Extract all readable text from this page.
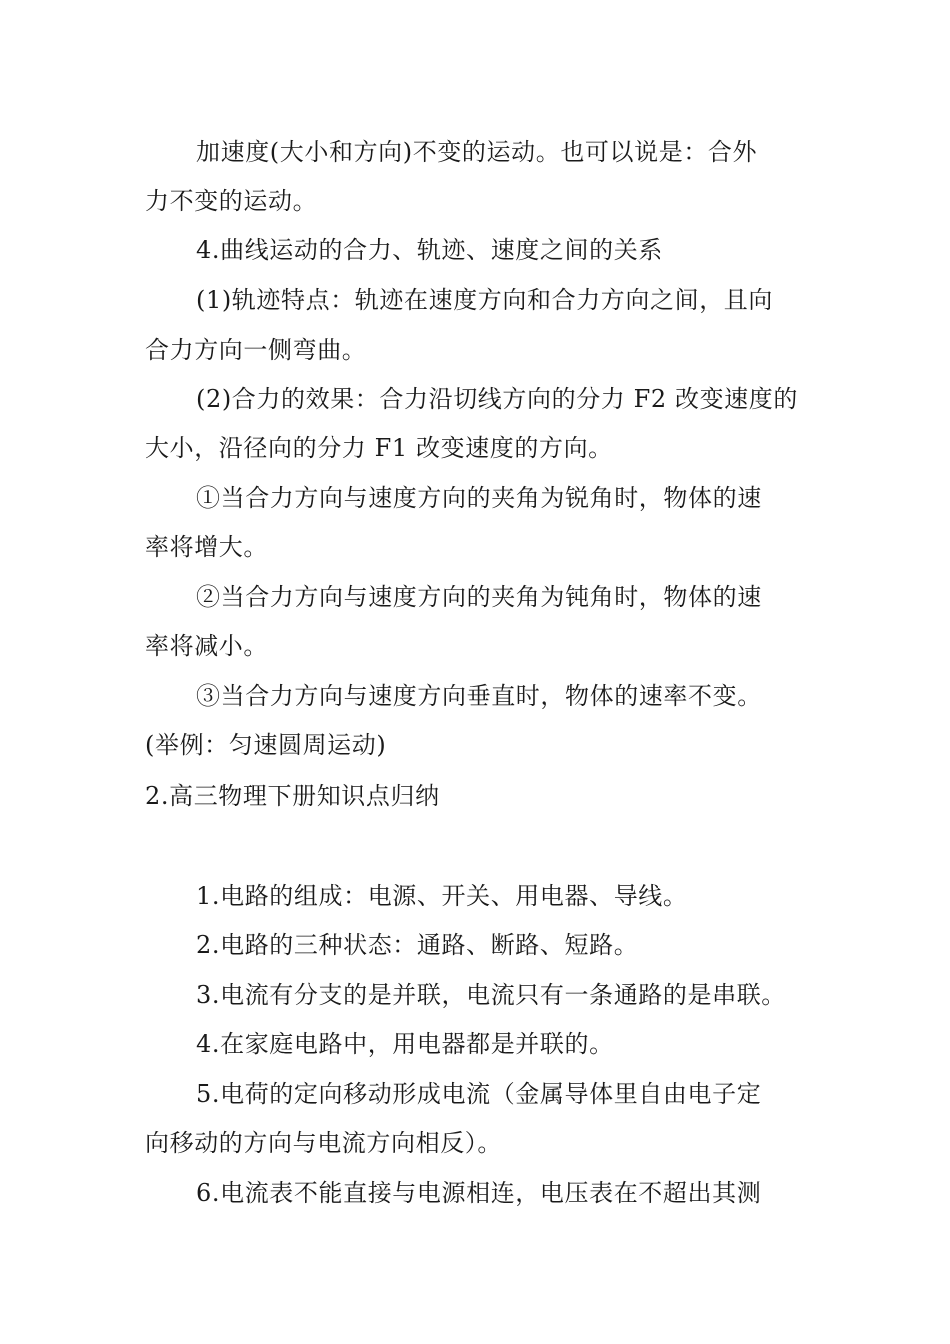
加速度(大小和方向)不变的运动。也可以说是：合外
力不变的运动。
4.曲线运动的合力、轨迹、速度之间的关系
(1)轨迹特点：轨迹在速度方向和合力方向之间，且向
合力方向一侧弯曲。
(2)合力的效果：合力沿切线方向的分力 F2 改变速度的
大小，沿径向的分力 F1 改变速度的方向。
①当合力方向与速度方向的夹角为锐角时，物体的速
率将增大。
②当合力方向与速度方向的夹角为钝角时，物体的速
率将减小。
③当合力方向与速度方向垂直时，物体的速率不变。
(举例：匀速圆周运动)
2.高三物理下册知识点归纳
1.电路的组成：电源、开关、用电器、导线。
2.电路的三种状态：通路、断路、短路。
3.电流有分支的是并联，电流只有一条通路的是串联。
4.在家庭电路中，用电器都是并联的。
5.电荷的定向移动形成电流（金属导体里自由电子定
向移动的方向与电流方向相反）。
6.电流表不能直接与电源相连，电压表在不超出其测
